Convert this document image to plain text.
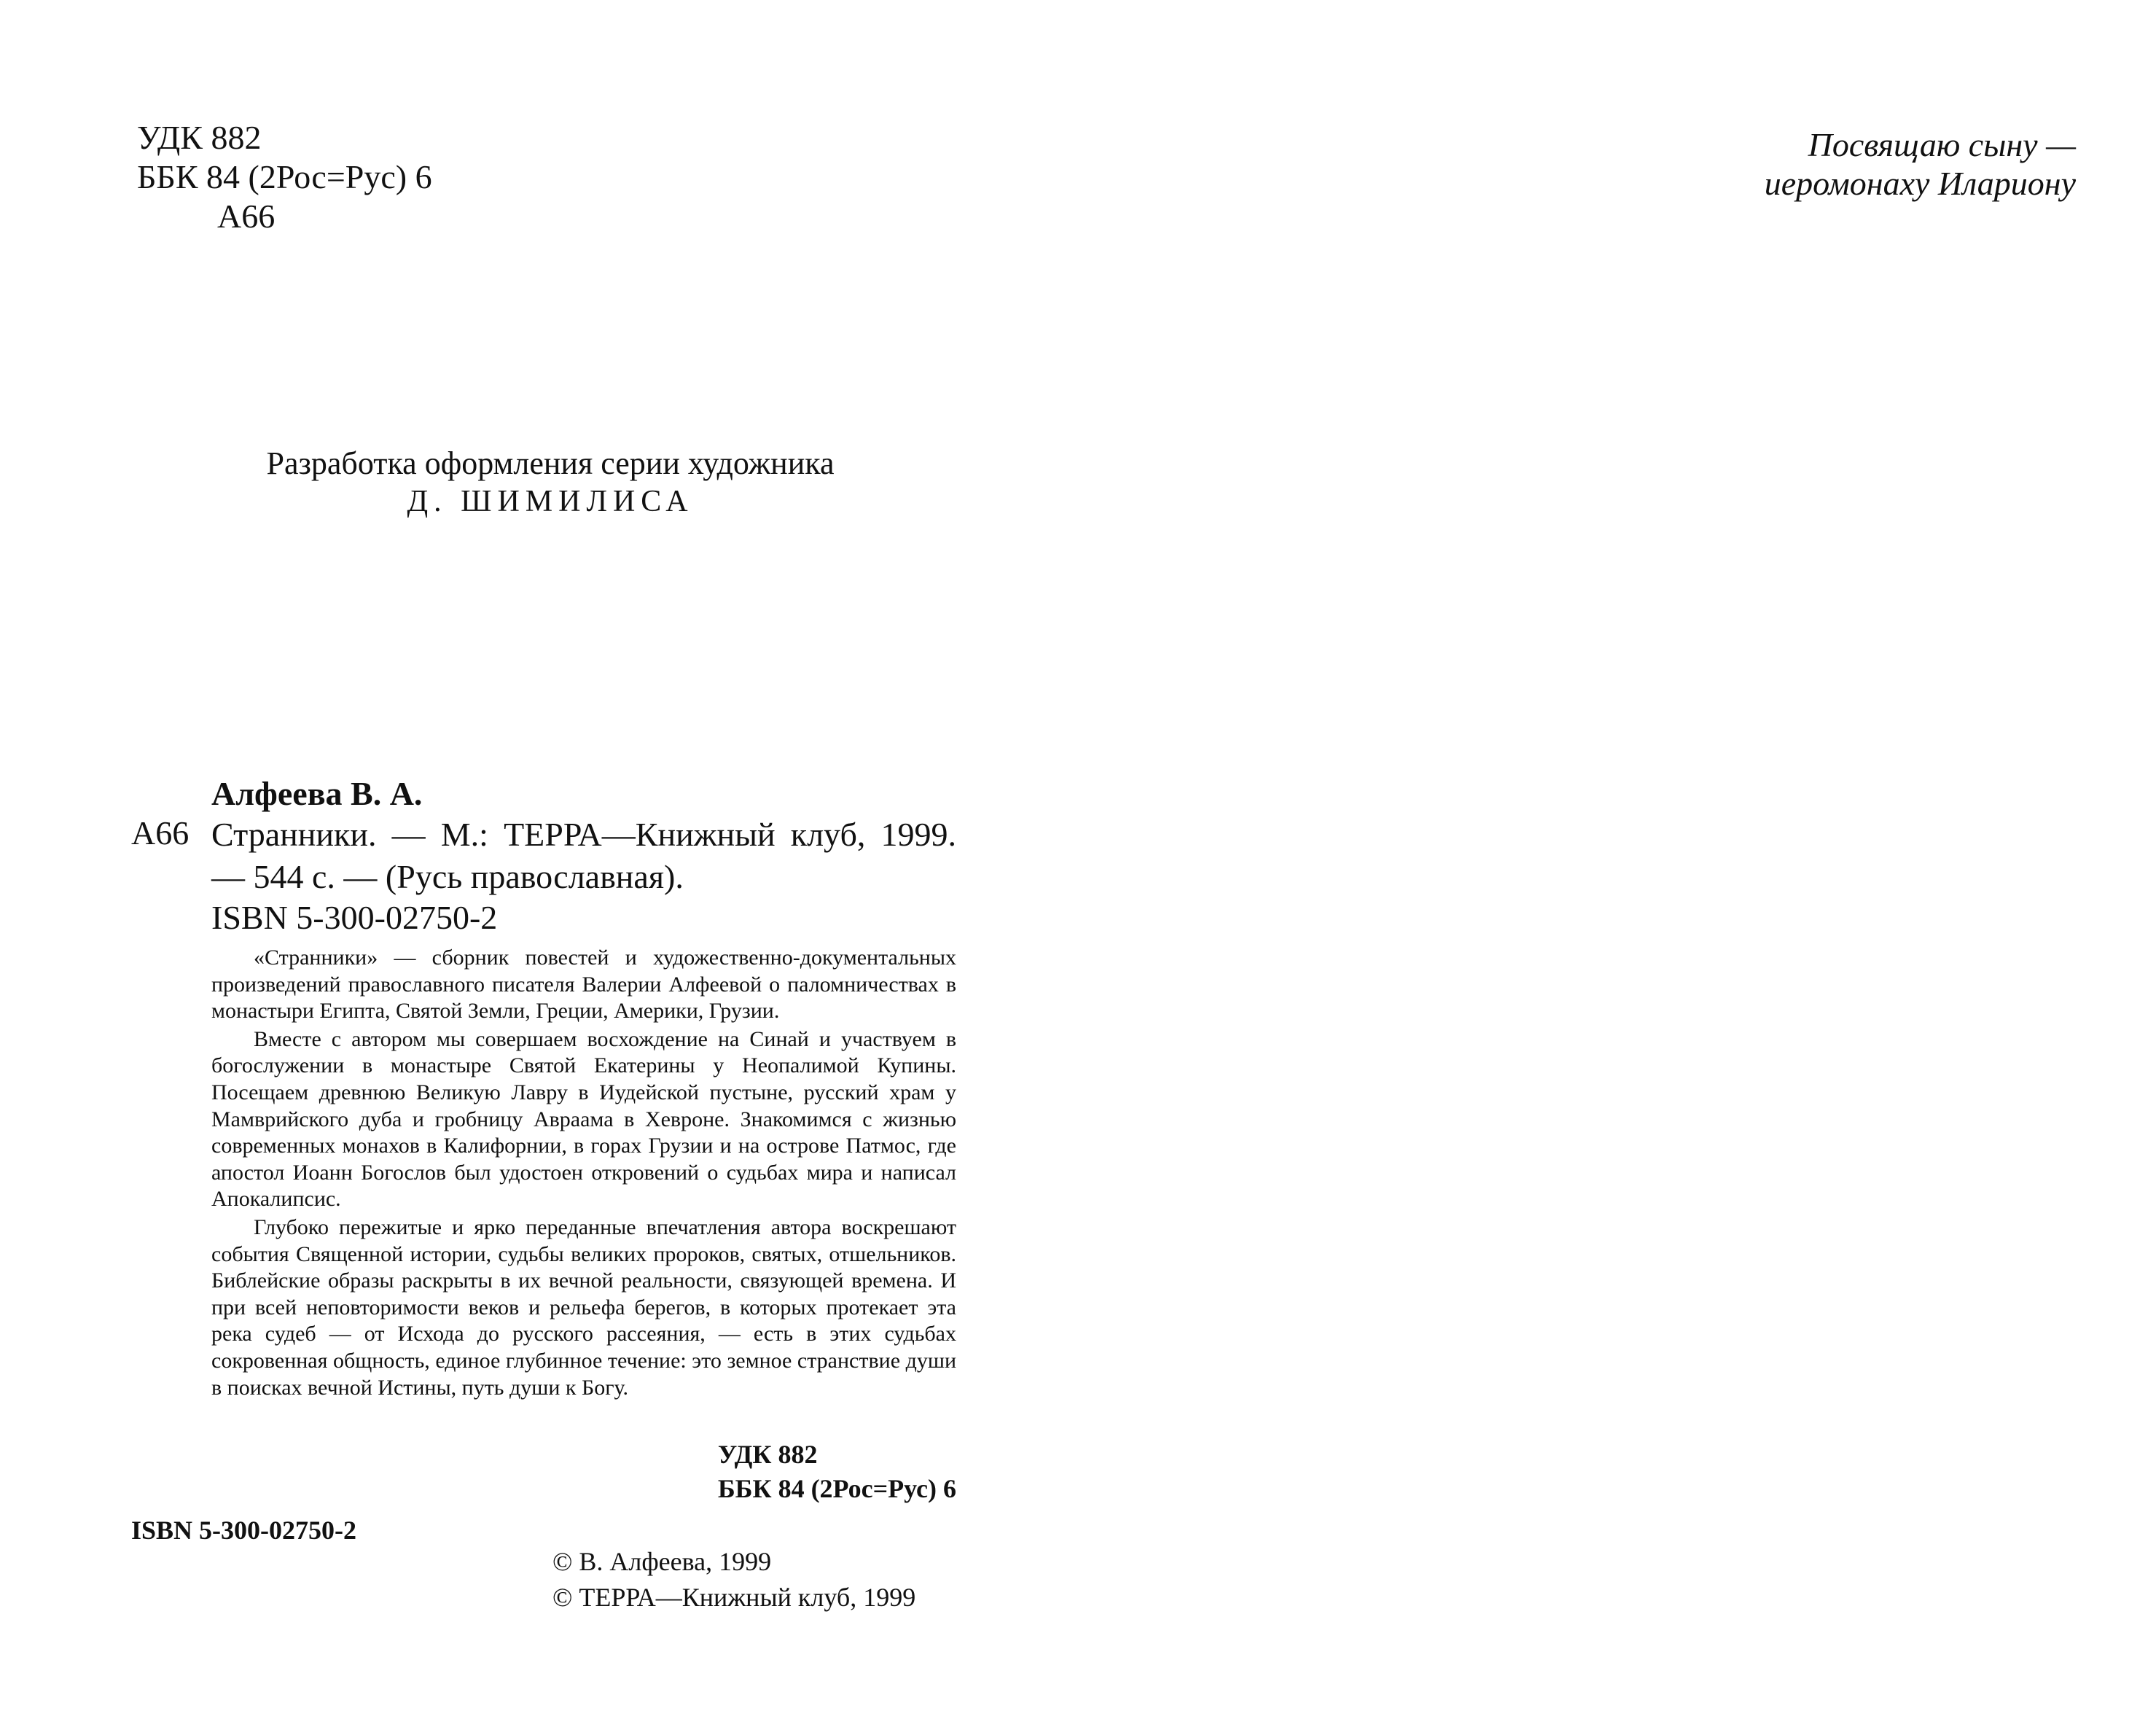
УДК 882
ББК 84 (2Рос=Рус) 6
А66
Посвящаю сыну —
иеромонаху Илариону
Разработка оформления серии художника
Д. ШИМИЛИСА
Алфеева В. А.
А66 Странники. — М.: ТЕРРА—Книжный клуб, 1999. — 544 с. — (Русь православная).
ISBN 5-300-02750-2

«Странники» — сборник повестей и художественно-документальных произведений православного писателя Валерии Алфеевой о паломничествах в монастыри Египта, Святой Земли, Греции, Америки, Грузии.

Вместе с автором мы совершаем восхождение на Синай и участвуем в богослужении в монастыре Святой Екатерины у Неопалимой Купины. Посещаем древнюю Великую Лавру в Иудейской пустыне, русский храм у Мамврийского дуба и гробницу Авраама в Хевроне. Знакомимся с жизнью современных монахов в Калифорнии, в горах Грузии и на острове Патмос, где апостол Иоанн Богослов был удостоен откровений о судьбах мира и написал Апокалипсис.

Глубоко пережитые и ярко переданные впечатления автора воскрешают события Священной истории, судьбы великих пророков, святых, отшельников. Библейские образы раскрыты в их вечной реальности, связующей времена. И при всей неповторимости веков и рельефа берегов, в которых протекает эта река судеб — от Исхода до русского рассеяния, — есть в этих судьбах сокровенная общность, единое глубинное течение: это земное странствие души в поисках вечной Истины, путь души к Богу.

УДК 882
ББК 84 (2Рос=Рус) 6
ISBN 5-300-02750-2
© В. Алфеева, 1999
© ТЕРРА—Книжный клуб, 1999
